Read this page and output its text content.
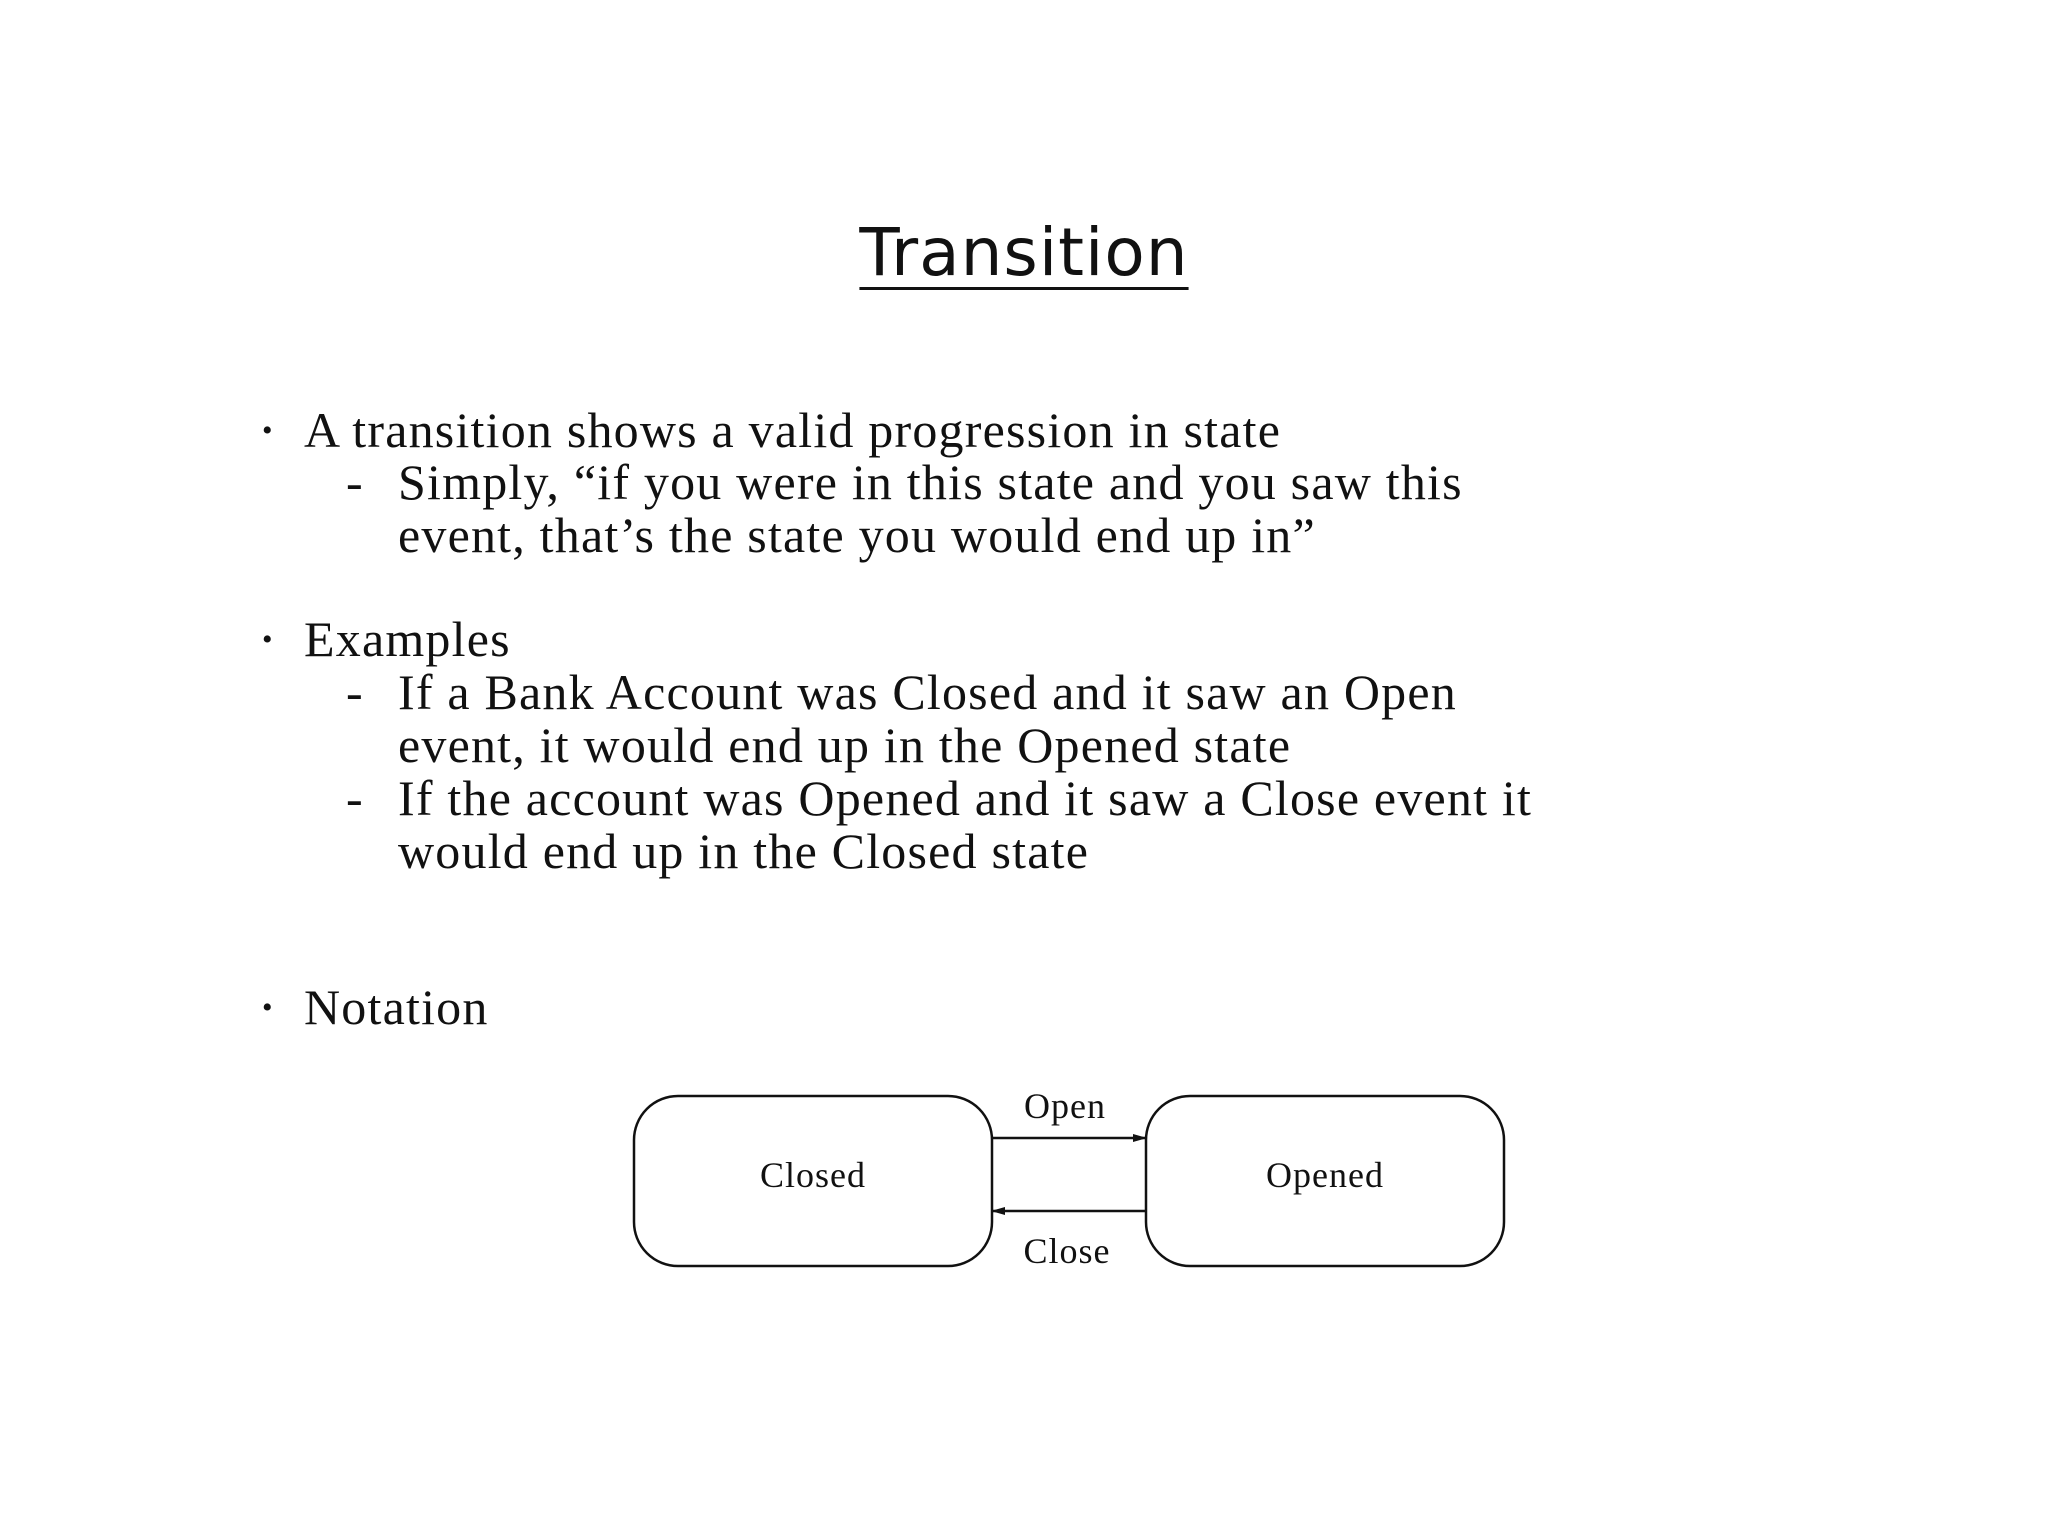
Transition
• A transition shows a valid progression in state
- Simply, “if you were in this state and you saw this
event, that’s the state you would end up in”
• Examples
- If a Bank Account was Closed and it saw an Open
event, it would end up in the Opened state
- If the account was Opened and it saw a Close event it
would end up in the Closed state
• Notation
Closed	Opened
Open
Close
